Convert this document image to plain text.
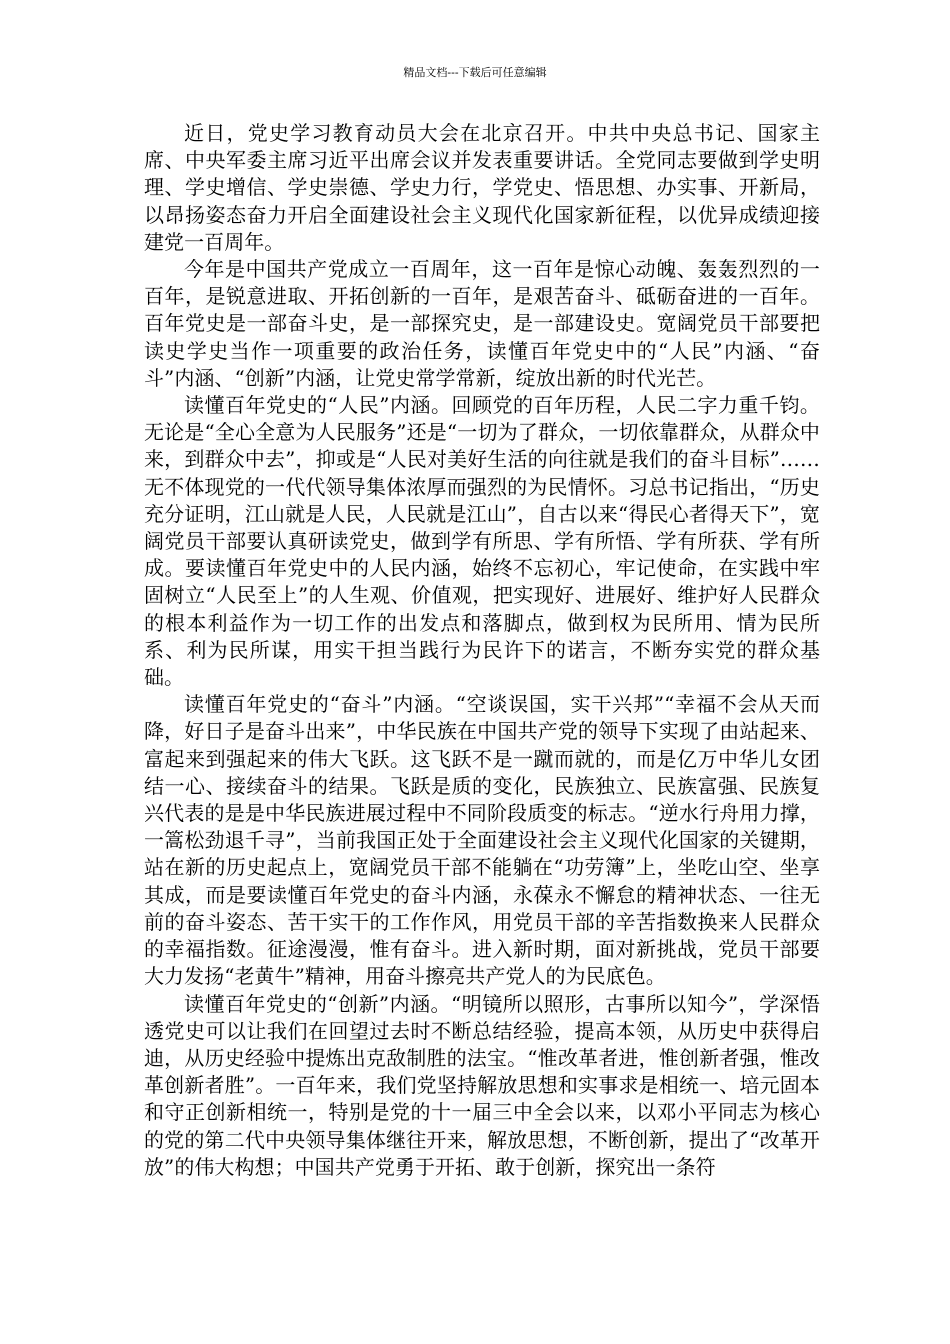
精品文档---下载后可任意编辑

近日，党史学习教育动员大会在北京召开。中共中央总书记、国家主席、中央军委主席习近平出席会议并发表重要讲话。全党同志要做到学史明理、学史增信、学史崇德、学史力行，学党史、悟思想、办实事、开新局，以昂扬姿态奋力开启全面建设社会主义现代化国家新征程，以优异成绩迎接建党一百周年。

今年是中国共产党成立一百周年，这一百年是惊心动魄、轰轰烈烈的一百年，是锐意进取、开拓创新的一百年，是艰苦奋斗、砥砺奋进的一百年。百年党史是一部奋斗史，是一部探究史，是一部建设史。宽阔党员干部要把读史学史当作一项重要的政治任务，读懂百年党史中的“人民”内涵、“奋斗”内涵、“创新”内涵，让党史常学常新，绽放出新的时代光芒。

读懂百年党史的“人民”内涵。回顾党的百年历程，人民二字力重千钧。无论是“全心全意为人民服务”还是“一切为了群众，一切依靠群众，从群众中来，到群众中去”，抑或是“人民对美好生活的向往就是我们的奋斗目标”……无不体现党的一代代领导集体浓厚而强烈的为民情怀。习总书记指出，“历史充分证明，江山就是人民，人民就是江山”，自古以来“得民心者得天下”，宽阔党员干部要认真研读党史，做到学有所思、学有所悟、学有所获、学有所成。要读懂百年党史中的人民内涵，始终不忘初心，牢记使命，在实践中牢固树立“人民至上”的人生观、价值观，把实现好、进展好、维护好人民群众的根本利益作为一切工作的出发点和落脚点，做到权为民所用、情为民所系、利为民所谋，用实干担当践行为民许下的诺言，不断夯实党的群众基础。

读懂百年党史的“奋斗”内涵。“空谈误国，实干兴邦”“幸福不会从天而降，好日子是奋斗出来”，中华民族在中国共产党的领导下实现了由站起来、富起来到强起来的伟大飞跃。这飞跃不是一蹴而就的，而是亿万中华儿女团结一心、接续奋斗的结果。飞跃是质的变化，民族独立、民族富强、民族复兴代表的是是中华民族进展过程中不同阶段质变的标志。“逆水行舟用力撑，一篙松劲退千寻”，当前我国正处于全面建设社会主义现代化国家的关键期，站在新的历史起点上，宽阔党员干部不能躺在“功劳簿”上，坐吃山空、坐享其成，而是要读懂百年党史的奋斗内涵，永葆永不懈怠的精神状态、一往无前的奋斗姿态、苦干实干的工作作风，用党员干部的辛苦指数换来人民群众的幸福指数。征途漫漫，惟有奋斗。进入新时期，面对新挑战，党员干部要大力发扬“老黄牛”精神，用奋斗擦亮共产党人的为民底色。

读懂百年党史的“创新”内涵。“明镜所以照形，古事所以知今”，学深悟透党史可以让我们在回望过去时不断总结经验，提高本领，从历史中获得启迪，从历史经验中提炼出克敌制胜的法宝。“惟改革者进，惟创新者强，惟改革创新者胜”。一百年来，我们党坚持解放思想和实事求是相统一、培元固本和守正创新相统一，特别是党的十一届三中全会以来，以邓小平同志为核心的党的第二代中央领导集体继往开来，解放思想，不断创新，提出了“改革开放”的伟大构想；中国共产党勇于开拓、敢于创新，探究出一条符
